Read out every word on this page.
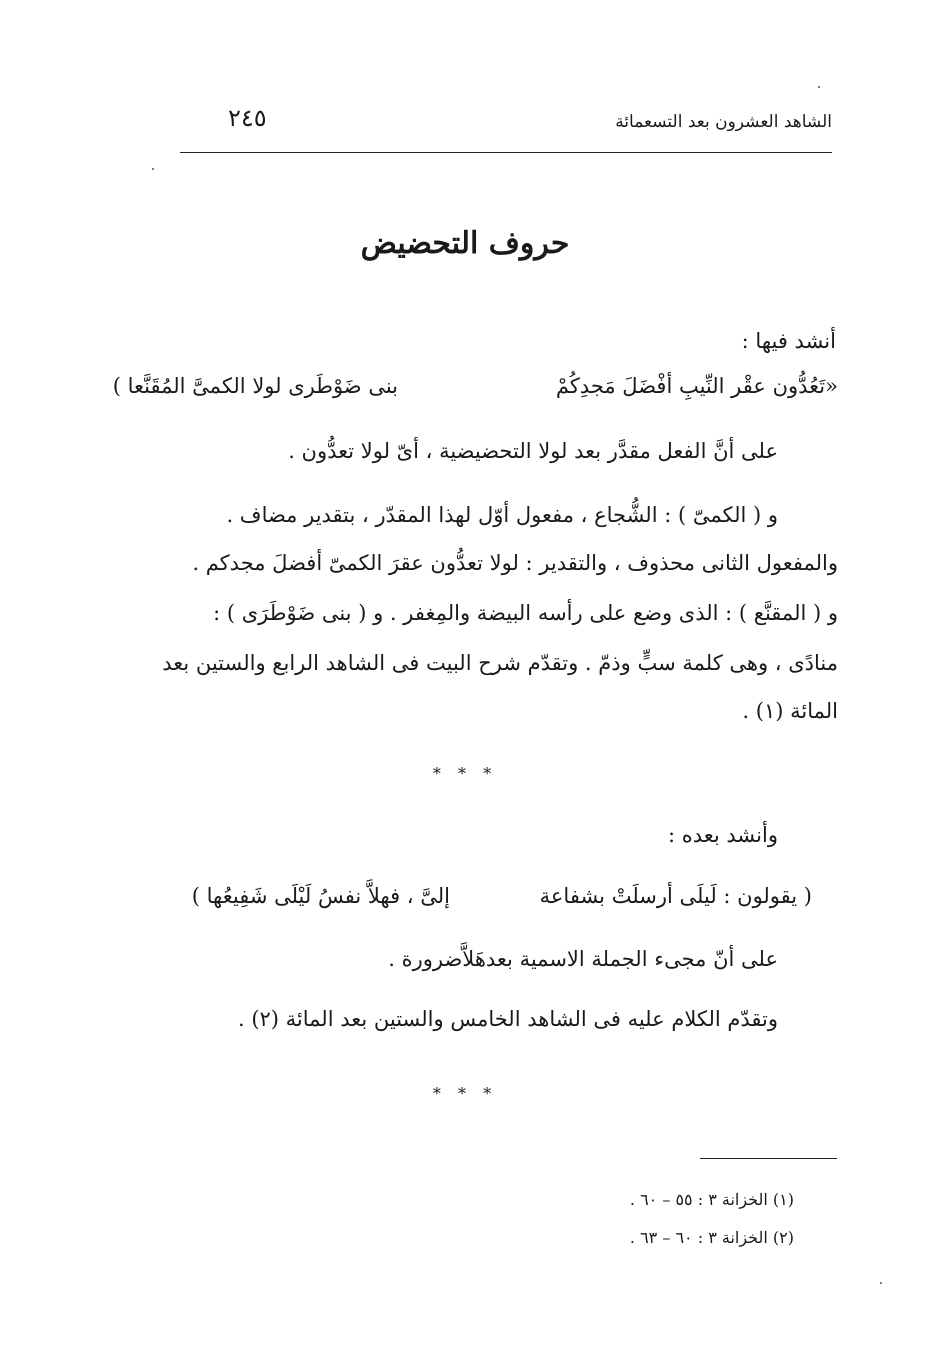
الشاهد العشرون بعد التسعمائة
٢٤٥
حروف التحضيض
أنشد فيها :
«تَعُدُّون عقْر النِّيبِ أفْضَلَ مَجدِكُمْ
بنى ضَوْطَرى لولا الكمىَّ المُقَنَّعا )
على أنَّ الفعل مقدَّر بعد لولا التحضيضية ، أىّ لولا تعدُّون .
و ( الكمىّ ) : الشُّجاع ، مفعول أوّل لهذا المقدّر ، بتقدير مضاف .
والمفعول الثانى محذوف ، والتقدير : لولا تعدُّون عقرَ الكمىّ أفضلَ مجدكم .
و ( المقنَّع ) : الذى وضع على رأسه البيضة والمِغفر . و ( بنى ضَوْطَرَى ) :
منادًى ، وهى كلمة سبٍّ وذمّ . وتقدّم شرح البيت فى الشاهد الرابع والستين بعد
المائة (١) .
* * *
وأنشد بعده :
( يقولون : لَيلَى أرسلَتْ بشفاعة
إلىَّ ، فهلاَّ نفسُ لَيْلَى شَفِيعُها )
على أنّ مجىء الجملة الاسمية بعدهَلاَّضرورة .
وتقدّم الكلام عليه فى الشاهد الخامس والستين بعد المائة (٢) .
* * *
(١) الخزانة ٣ : ٥٥ – ٦٠ .
(٢) الخزانة ٣ : ٦٠ – ٦٣ .
